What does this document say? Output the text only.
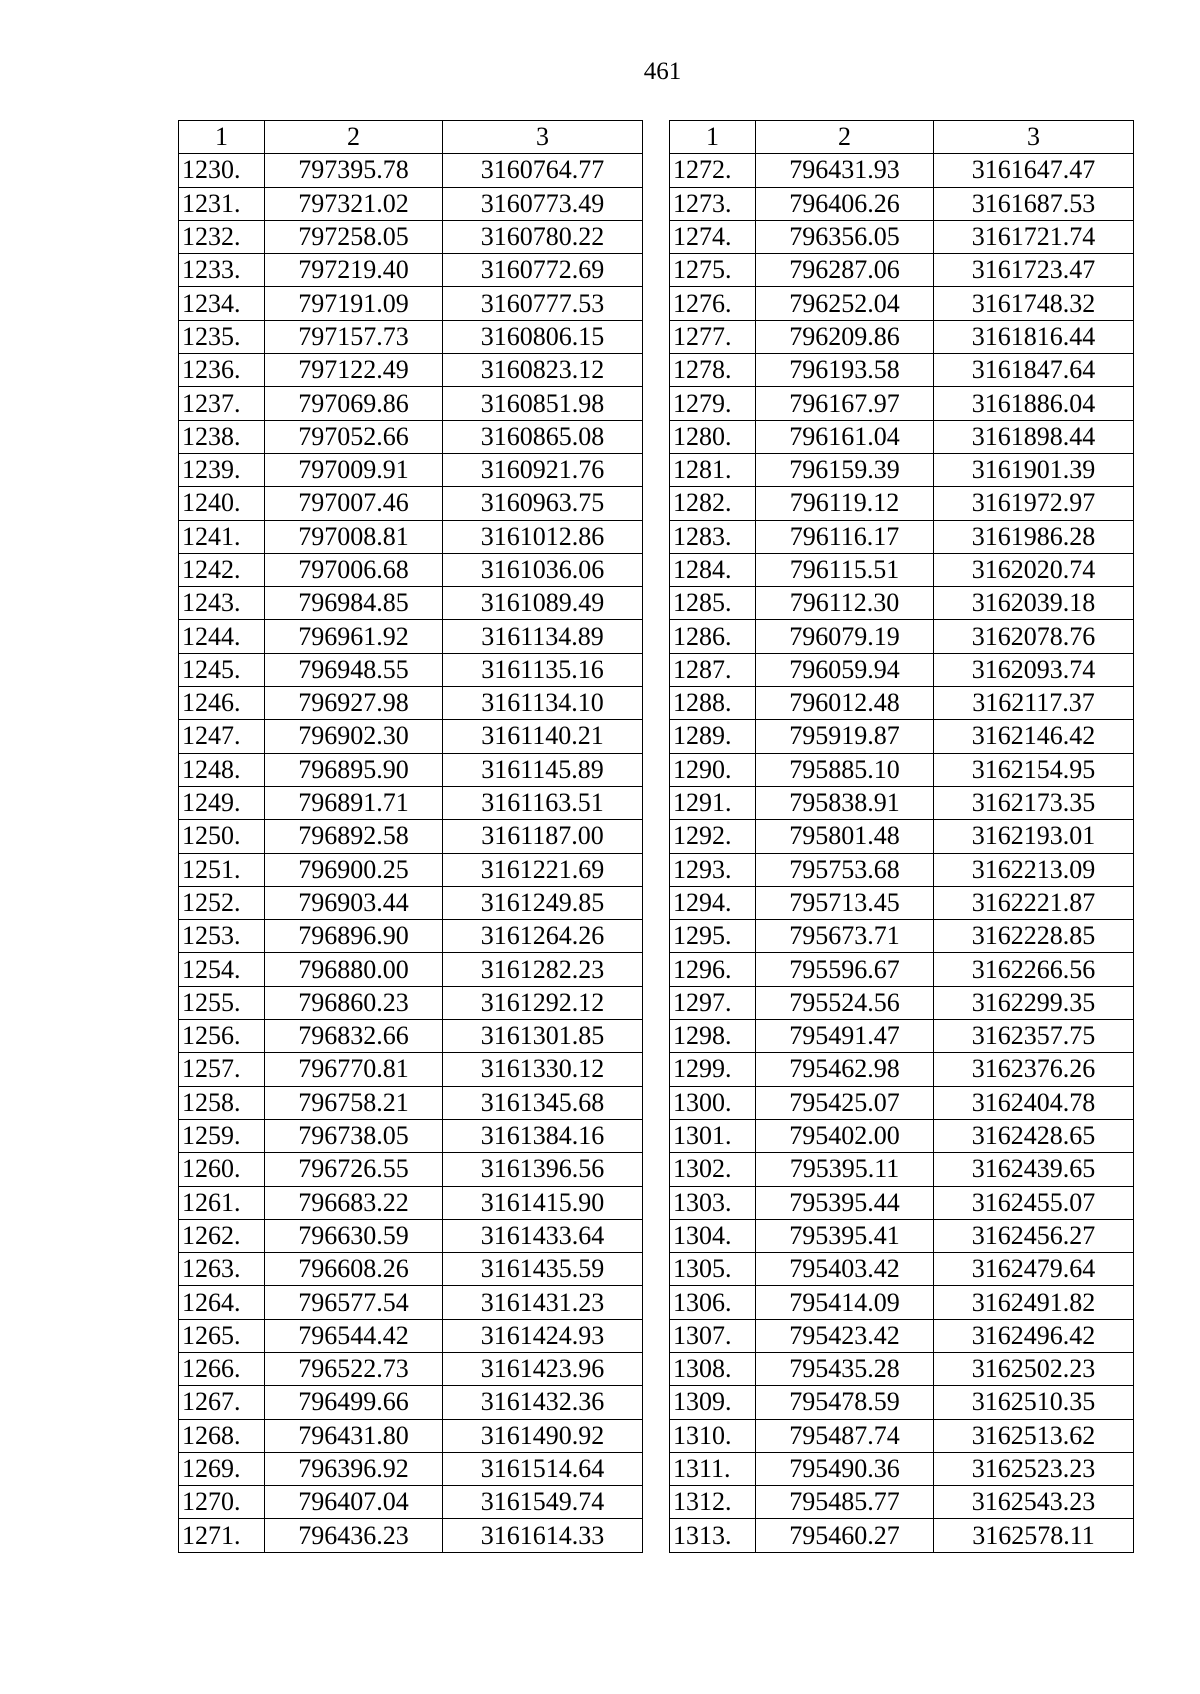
461
1	2	3
1230.	797395.78	3160764.77
1231.	797321.02	3160773.49
1232.	797258.05	3160780.22
1233.	797219.40	3160772.69
1234.	797191.09	3160777.53
1235.	797157.73	3160806.15
1236.	797122.49	3160823.12
1237.	797069.86	3160851.98
1238.	797052.66	3160865.08
1239.	797009.91	3160921.76
1240.	797007.46	3160963.75
1241.	797008.81	3161012.86
1242.	797006.68	3161036.06
1243.	796984.85	3161089.49
1244.	796961.92	3161134.89
1245.	796948.55	3161135.16
1246.	796927.98	3161134.10
1247.	796902.30	3161140.21
1248.	796895.90	3161145.89
1249.	796891.71	3161163.51
1250.	796892.58	3161187.00
1251.	796900.25	3161221.69
1252.	796903.44	3161249.85
1253.	796896.90	3161264.26
1254.	796880.00	3161282.23
1255.	796860.23	3161292.12
1256.	796832.66	3161301.85
1257.	796770.81	3161330.12
1258.	796758.21	3161345.68
1259.	796738.05	3161384.16
1260.	796726.55	3161396.56
1261.	796683.22	3161415.90
1262.	796630.59	3161433.64
1263.	796608.26	3161435.59
1264.	796577.54	3161431.23
1265.	796544.42	3161424.93
1266.	796522.73	3161423.96
1267.	796499.66	3161432.36
1268.	796431.80	3161490.92
1269.	796396.92	3161514.64
1270.	796407.04	3161549.74
1271.	796436.23	3161614.33
1	2	3
1272.	796431.93	3161647.47
1273.	796406.26	3161687.53
1274.	796356.05	3161721.74
1275.	796287.06	3161723.47
1276.	796252.04	3161748.32
1277.	796209.86	3161816.44
1278.	796193.58	3161847.64
1279.	796167.97	3161886.04
1280.	796161.04	3161898.44
1281.	796159.39	3161901.39
1282.	796119.12	3161972.97
1283.	796116.17	3161986.28
1284.	796115.51	3162020.74
1285.	796112.30	3162039.18
1286.	796079.19	3162078.76
1287.	796059.94	3162093.74
1288.	796012.48	3162117.37
1289.	795919.87	3162146.42
1290.	795885.10	3162154.95
1291.	795838.91	3162173.35
1292.	795801.48	3162193.01
1293.	795753.68	3162213.09
1294.	795713.45	3162221.87
1295.	795673.71	3162228.85
1296.	795596.67	3162266.56
1297.	795524.56	3162299.35
1298.	795491.47	3162357.75
1299.	795462.98	3162376.26
1300.	795425.07	3162404.78
1301.	795402.00	3162428.65
1302.	795395.11	3162439.65
1303.	795395.44	3162455.07
1304.	795395.41	3162456.27
1305.	795403.42	3162479.64
1306.	795414.09	3162491.82
1307.	795423.42	3162496.42
1308.	795435.28	3162502.23
1309.	795478.59	3162510.35
1310.	795487.74	3162513.62
1311.	795490.36	3162523.23
1312.	795485.77	3162543.23
1313.	795460.27	3162578.11
